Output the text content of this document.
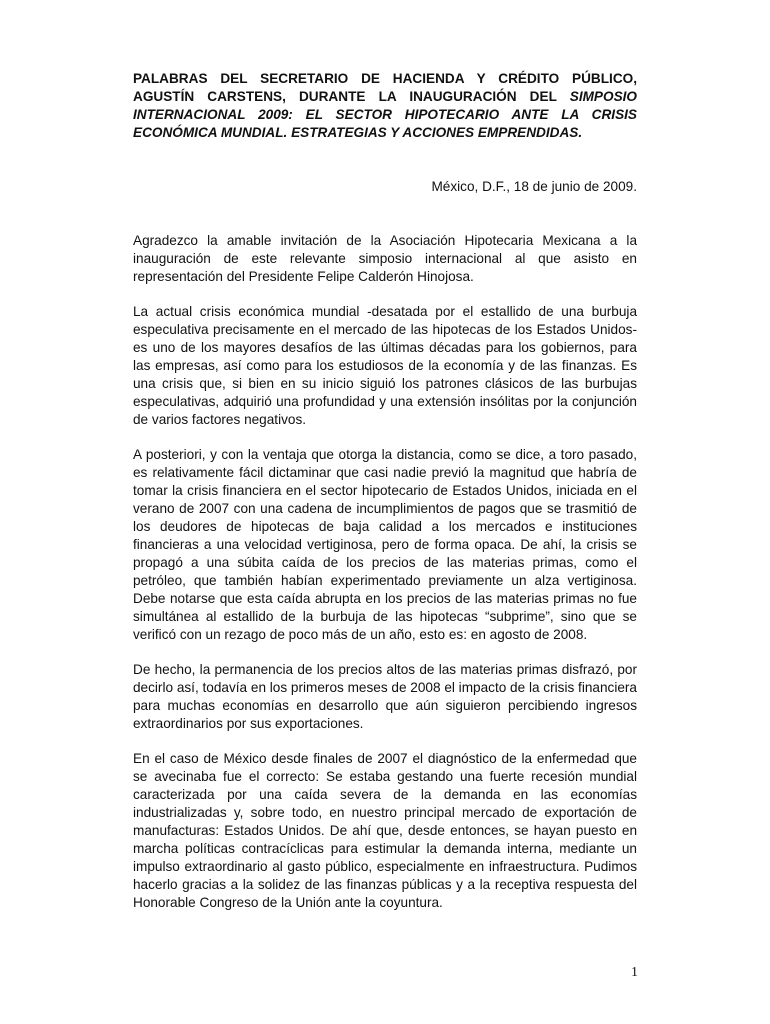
PALABRAS DEL SECRETARIO DE HACIENDA Y CRÉDITO PÚBLICO, AGUSTÍN CARSTENS, DURANTE LA INAUGURACIÓN DEL SIMPOSIO INTERNACIONAL 2009: EL SECTOR HIPOTECARIO ANTE LA CRISIS ECONÓMICA MUNDIAL. ESTRATEGIAS Y ACCIONES EMPRENDIDAS.

México, D.F., 18 de junio de 2009.

Agradezco la amable invitación de la Asociación Hipotecaria Mexicana a la inauguración de este relevante simposio internacional al que asisto en representación del Presidente Felipe Calderón Hinojosa.

La actual crisis económica mundial -desatada por el estallido de una burbuja especulativa precisamente en el mercado de las hipotecas de los Estados Unidos- es uno de los mayores desafíos de las últimas décadas para los gobiernos, para las empresas, así como para los estudiosos de la economía y de las finanzas. Es una crisis que, si bien en su inicio siguió los patrones clásicos de las burbujas especulativas, adquirió una profundidad y una extensión insólitas por la conjunción de varios factores negativos.

A posteriori, y con la ventaja que otorga la distancia, como se dice, a toro pasado, es relativamente fácil dictaminar que casi nadie previó la magnitud que habría de tomar la crisis financiera en el sector hipotecario de Estados Unidos, iniciada en el verano de 2007 con una cadena de incumplimientos de pagos que se trasmitió de los deudores de hipotecas de baja calidad a los mercados e instituciones financieras a una velocidad vertiginosa, pero de forma opaca. De ahí, la crisis se propagó a una súbita caída de los precios de las materias primas, como el petróleo, que también habían experimentado previamente un alza vertiginosa. Debe notarse que esta caída abrupta en los precios de las materias primas no fue simultánea al estallido de la burbuja de las hipotecas “subprime”, sino que se verificó con un rezago de poco más de un año, esto es: en agosto de 2008.

De hecho, la permanencia de los precios altos de las materias primas disfrazó, por decirlo así, todavía en los primeros meses de 2008 el impacto de la crisis financiera para muchas economías en desarrollo que aún siguieron percibiendo ingresos extraordinarios por sus exportaciones.

En el caso de México desde finales de 2007 el diagnóstico de la enfermedad que se avecinaba fue el correcto: Se estaba gestando una fuerte recesión mundial caracterizada por una caída severa de la demanda en las economías industrializadas y, sobre todo, en nuestro principal mercado de exportación de manufacturas: Estados Unidos. De ahí que, desde entonces, se hayan puesto en marcha políticas contracíclicas para estimular la demanda interna, mediante un impulso extraordinario al gasto público, especialmente en infraestructura. Pudimos hacerlo gracias a la solidez de las finanzas públicas y a la receptiva respuesta del Honorable Congreso de la Unión ante la coyuntura.

1
